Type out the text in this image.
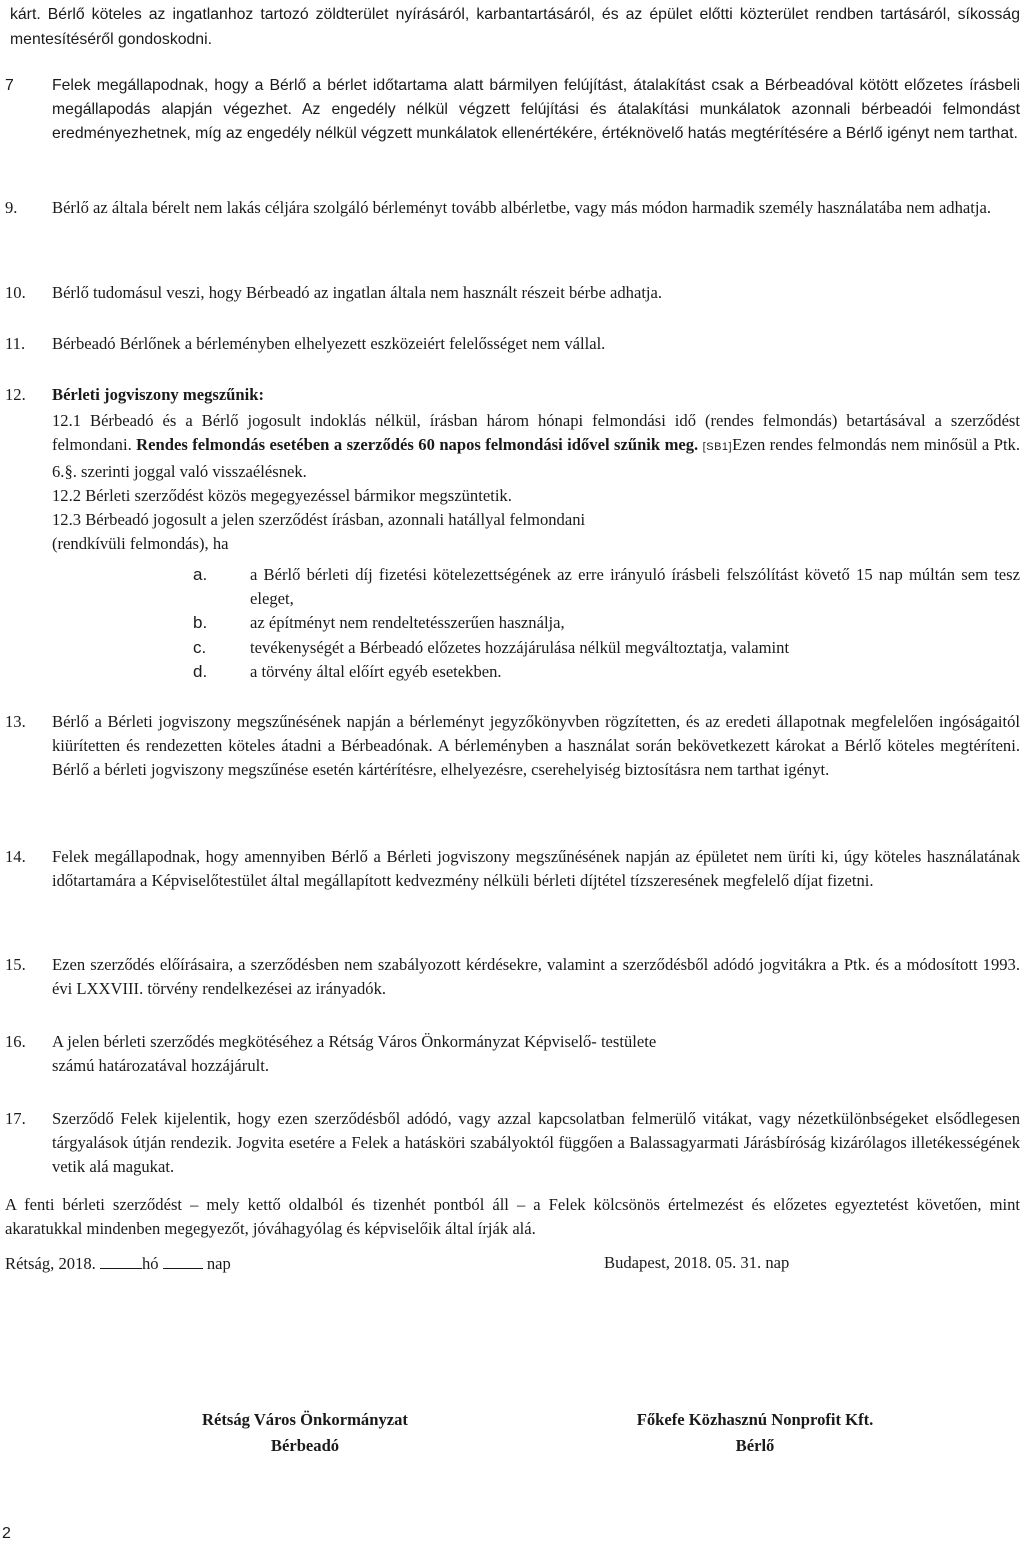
kárt. Bérlő köteles az ingatlanhoz tartozó zöldterület nyírásáról, karbantartásáról, és az épület előtti közterület rendben tartásáról, síkosság mentesítéséről gondoskodni.
7	Felek megállapodnak, hogy a Bérlő a bérlet időtartama alatt bármilyen felújítást, átalakítást csak a Bérbeadóval kötött előzetes írásbeli megállapodás alapján végezhet. Az engedély nélkül végzett felújítási és átalakítási munkálatok azonnali bérbeadói felmondást eredményezhetnek, míg az engedély nélkül végzett munkálatok ellenértékére, értéknövelő hatás megtérítésére a Bérlő igényt nem tarthat.
9.	Bérlő az általa bérelt nem lakás céljára szolgáló bérleményt tovább albérletbe, vagy más módon harmadik személy használatába nem adhatja.
10.	Bérlő tudomásul veszi, hogy Bérbeadó az ingatlan általa nem használt részeit bérbe adhatja.
11.	Bérbeadó Bérlőnek a bérleményben elhelyezett eszközeiért felelősséget nem vállal.
12.	Bérleti jogviszony megszűnik:
12.1 Bérbeadó és a Bérlő jogosult indoklás nélkül, írásban három hónapi felmondási idő (rendes felmondás) betartásával a szerződést felmondani. Rendes felmondás esetében a szerződés 60 napos felmondási idővel szűnik meg. [SB1]Ezen rendes felmondás nem minősül a Ptk. 6.§. szerinti joggal való visszaélésnek.
12.2 Bérleti szerződést közös megegyezéssel bármikor megszüntetik.
12.3 Bérbeadó jogosult a jelen szerződést írásban, azonnali hatállyal felmondani
(rendkívüli felmondás), ha
a.	a Bérlő bérleti díj fizetési kötelezettségének az erre irányuló írásbeli felszólítást követő 15 nap múltán sem tesz eleget,
b.	az építményt nem rendeltetésszerűen használja,
c.	tevékenységét a Bérbeadó előzetes hozzájárulása nélkül megváltoztatja, valamint
d.	a törvény által előírt egyéb esetekben.
13.	Bérlő a Bérleti jogviszony megszűnésének napján a bérleményt jegyzőkönyvben rögzítetten, és az eredeti állapotnak megfelelően ingóságaitól kiürítetten és rendezetten köteles átadni a Bérbeadónak. A bérleményben a használat során bekövetkezett károkat a Bérlő köteles megtéríteni. Bérlő a bérleti jogviszony megszűnése esetén kártérítésre, elhelyezésre, cserehelyiség biztosításra nem tarthat igényt.
14.	Felek megállapodnak, hogy amennyiben Bérlő a Bérleti jogviszony megszűnésének napján az épületet nem üríti ki, úgy köteles használatának időtartamára a Képviselőtestület által megállapított kedvezmény nélküli bérleti díjtétel tízszeresének megfelelő díjat fizetni.
15.	Ezen szerződés előírásaira, a szerződésben nem szabályozott kérdésekre, valamint a szerződésből adódó jogvitákra a Ptk. és a módosított 1993. évi LXXVIII. törvény rendelkezései az irányadók.
16.	A jelen bérleti szerződés megkötéséhez a Rétság Város Önkormányzat Képviselő- testülete
számú határozatával hozzájárult.
17.	Szerződő Felek kijelentik, hogy ezen szerződésből adódó, vagy azzal kapcsolatban felmerülő vitákat, vagy nézetkülönbségeket elsődlegesen tárgyalások útján rendezik. Jogvita esetére a Felek a hatásköri szabályoktól függően a Balassagyarmati Járásbíróság kizárólagos illetékességének vetik alá magukat.
A fenti bérleti szerződést – mely kettő oldalból és tizenhét pontból áll – a Felek kölcsönös értelmezést és előzetes egyeztetést követően, mint akaratukkal mindenben megegyezőt, jóváhagyólag és képviselőik által írják alá.
Rétság, 2018.	hó	nap	Budapest, 2018. 05. 31. nap
Rétság Város Önkormányzat
Bérbeadó
Főkefe Közhasznú Nonprofit Kft.
Bérlő
2
